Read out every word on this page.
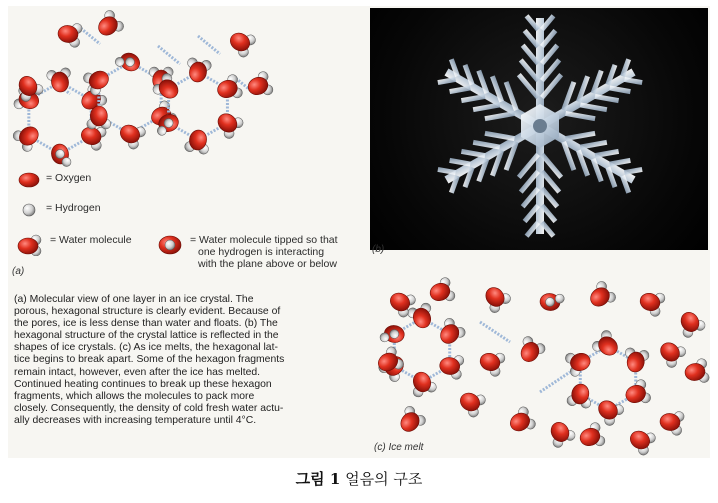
= Oxygen
= Hydrogen
= Water molecule	= Water molecule tipped so that
one hydrogen is interacting
with the plane above or below
(a)
(a) Molecular view of one layer in an ice crystal. The
porous, hexagonal structure is clearly evident. Because of
the pores, ice is less dense than water and floats. (b) The
hexagonal structure of the crystal lattice is reflected in the
shapes of ice crystals. (c) As ice melts, the hexagonal lat-
tice begins to break apart. Some of the hexagon fragments
remain intact, however, even after the ice has melted.
Continued heating continues to break up these hexagon
fragments, which allows the molecules to pack more
closely. Consequently, the density of cold fresh water actu-
ally decreases with increasing temperature until 4°C.
(b)
(c) Ice melt
그림 1 얼음의 구조
